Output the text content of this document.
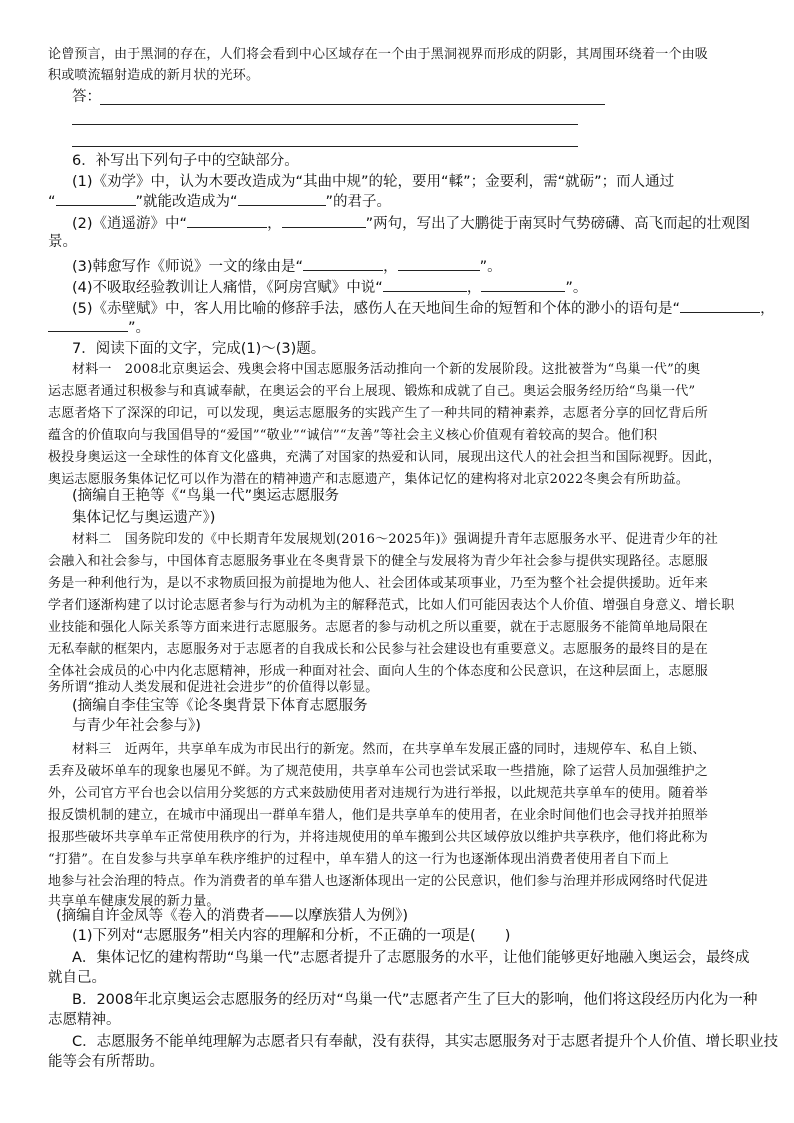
论曾预言，由于黑洞的存在，人们将会看到中心区域存在一个由于黑洞视界而形成的阴影，其周围环绕着一个由吸
积或喷流辐射造成的新月状的光环。
答：
6．补写出下列句子中的空缺部分。
(1)《劝学》中，认为木要改造成为“其曲中规”的轮，要用“輮”；金要利，需“就砺”；而人通过
“	”就能改造成为“	”的君子。
(2)《逍遥游》中“	，	”两句，写出了大鹏徙于南冥时气势磅礴、高飞而起的壮观图
景。
(3)韩愈写作《师说》一文的缘由是“	，	”。
(4)不吸取经验教训让人痛惜，《阿房宫赋》中说“	，	”。
(5)《赤壁赋》中，客人用比喻的修辞手法，感伤人在天地间生命的短暂和个体的渺小的语句是“	，
”。
7．阅读下面的文字，完成(1)～(3)题。
材料一　2008北京奥运会、残奥会将中国志愿服务活动推向一个新的发展阶段。这批被誉为“鸟巢一代”的奥
运志愿者通过积极参与和真诚奉献，在奥运会的平台上展现、锻炼和成就了自己。奥运会服务经历给“鸟巢一代”
志愿者烙下了深深的印记，可以发现，奥运志愿服务的实践产生了一种共同的精神素养，志愿者分享的回忆背后所
蕴含的价值取向与我国倡导的“爱国”“敬业”“诚信”“友善”等社会主义核心价值观有着较高的契合。他们积
极投身奥运这一全球性的体育文化盛典，充满了对国家的热爱和认同，展现出这代人的社会担当和国际视野。因此，
奥运志愿服务集体记忆可以作为潜在的精神遗产和志愿遗产，集体记忆的建构将对北京2022冬奥会有所助益。
(摘编自王艳等《“鸟巢一代”奥运志愿服务
集体记忆与奥运遗产》)
材料二　国务院印发的《中长期青年发展规划(2016～2025年)》强调提升青年志愿服务水平、促进青少年的社
会融入和社会参与，中国体育志愿服务事业在冬奥背景下的健全与发展将为青少年社会参与提供实现路径。志愿服
务是一种利他行为，是以不求物质回报为前提地为他人、社会团体或某项事业，乃至为整个社会提供援助。近年来
学者们逐渐构建了以讨论志愿者参与行为动机为主的解释范式，比如人们可能因表达个人价值、增强自身意义、增长职
业技能和强化人际关系等方面来进行志愿服务。志愿者的参与动机之所以重要，就在于志愿服务不能简单地局限在
无私奉献的框架内，志愿服务对于志愿者的自我成长和公民参与社会建设也有重要意义。志愿服务的最终目的是在
全体社会成员的心中内化志愿精神，形成一种面对社会、面向人生的个体态度和公民意识，在这种层面上，志愿服
务所谓“推动人类发展和促进社会进步”的价值得以彰显。
(摘编自李佳宝等《论冬奥背景下体育志愿服务
与青少年社会参与》)
材料三　近两年，共享单车成为市民出行的新宠。然而，在共享单车发展正盛的同时，违规停车、私自上锁、
丢弃及破坏单车的现象也屡见不鲜。为了规范使用，共享单车公司也尝试采取一些措施，除了运营人员加强维护之
外，公司官方平台也会以信用分奖惩的方式来鼓励使用者对违规行为进行举报，以此规范共享单车的使用。随着举
报反馈机制的建立，在城市中涌现出一群单车猎人，他们是共享单车的使用者，在业余时间他们也会寻找并拍照举
报那些破坏共享单车正常使用秩序的行为，并将违规使用的单车搬到公共区域停放以维护共享秩序，他们将此称为
“打猎”。在自发参与共享单车秩序维护的过程中，单车猎人的这一行为也逐渐体现出消费者使用者自下而上
地参与社会治理的特点。作为消费者的单车猎人也逐渐体现出一定的公民意识，他们参与治理并形成网络时代促进
共享单车健康发展的新力量。
(摘编自许金凤等《卷入的消费者——以摩族猎人为例》)
(1)下列对“志愿服务”相关内容的理解和分析，不正确的一项是(　　)
A．集体记忆的建构帮助“鸟巢一代”志愿者提升了志愿服务的水平，让他们能够更好地融入奥运会，最终成
就自己。
B．2008年北京奥运会志愿服务的经历对“鸟巢一代”志愿者产生了巨大的影响，他们将这段经历内化为一种
志愿精神。
C．志愿服务不能单纯理解为志愿者只有奉献，没有获得，其实志愿服务对于志愿者提升个人价值、增长职业技
能等会有所帮助。
